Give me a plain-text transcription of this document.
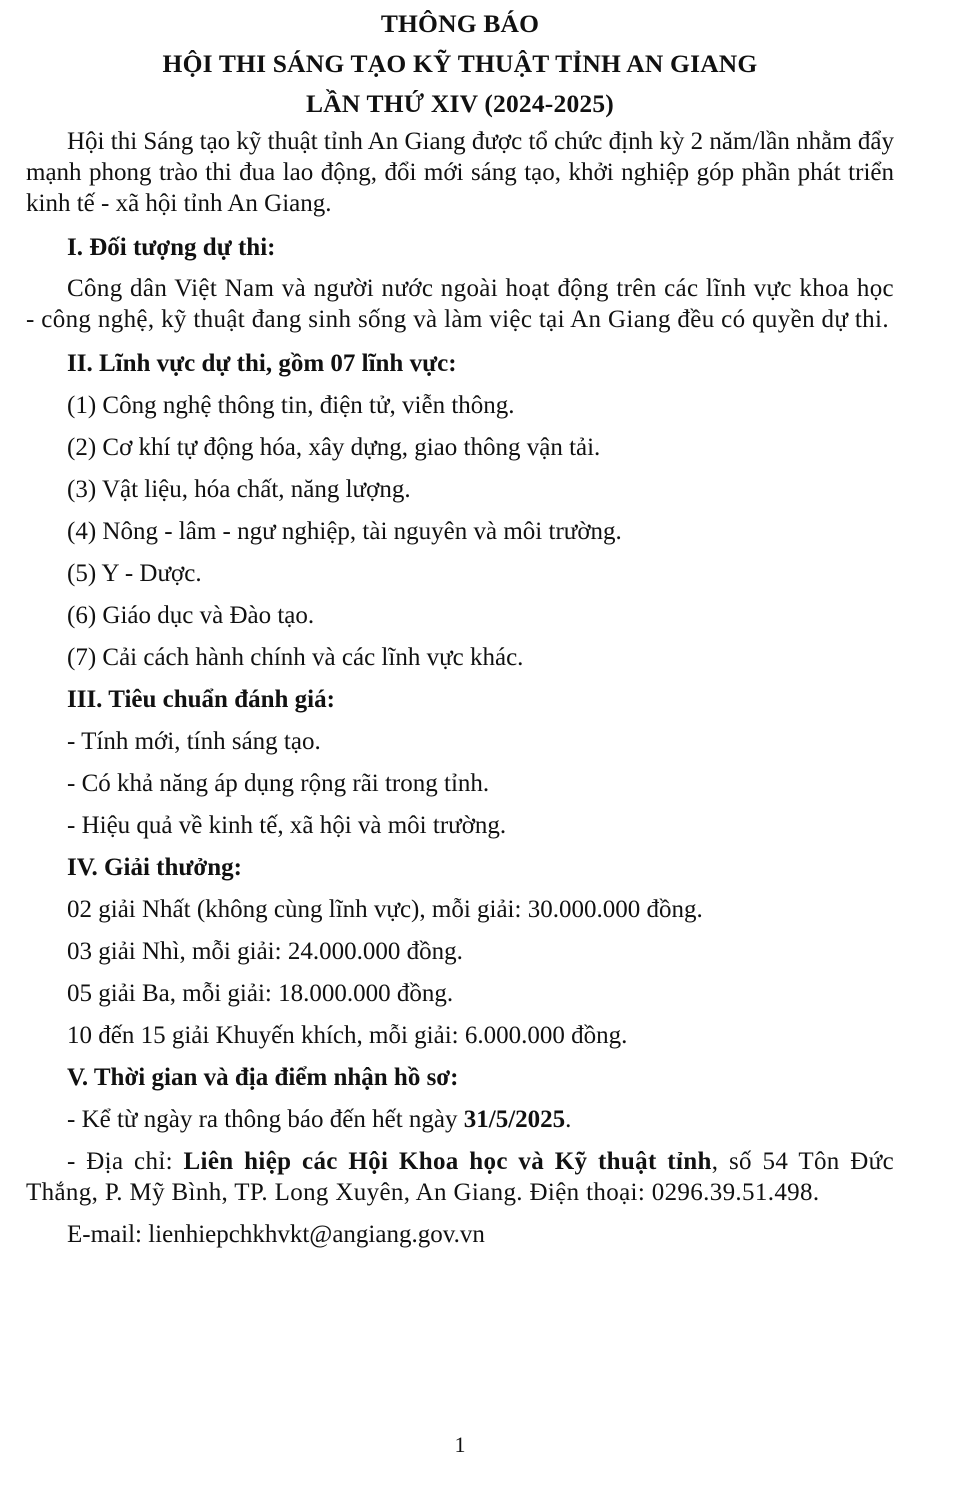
THÔNG BÁO

HỘI THI SÁNG TẠO KỸ THUẬT TỈNH AN GIANG

LẦN THỨ XIV (2024-2025)

Hội thi Sáng tạo kỹ thuật tỉnh An Giang được tổ chức định kỳ 2 năm/lần nhằm đẩy mạnh phong trào thi đua lao động, đổi mới sáng tạo, khởi nghiệp góp phần phát triển kinh tế - xã hội tỉnh An Giang.

I. Đối tượng dự thi:

Công dân Việt Nam và người nước ngoài hoạt động trên các lĩnh vực khoa học - công nghệ, kỹ thuật đang sinh sống và làm việc tại An Giang đều có quyền dự thi.

II. Lĩnh vực dự thi, gồm 07 lĩnh vực:

(1) Công nghệ thông tin, điện tử, viễn thông.

(2) Cơ khí tự động hóa, xây dựng, giao thông vận tải.

(3) Vật liệu, hóa chất, năng lượng.

(4) Nông - lâm - ngư nghiệp, tài nguyên và môi trường.

(5) Y - Dược.

(6) Giáo dục và Đào tạo.

(7) Cải cách hành chính và các lĩnh vực khác.

III. Tiêu chuẩn đánh giá:

- Tính mới, tính sáng tạo.

- Có khả năng áp dụng rộng rãi trong tỉnh.

- Hiệu quả về kinh tế, xã hội và môi trường.

IV. Giải thưởng:

02 giải Nhất (không cùng lĩnh vực), mỗi giải: 30.000.000 đồng.

03 giải Nhì, mỗi giải: 24.000.000 đồng.

05 giải Ba, mỗi giải: 18.000.000 đồng.

10 đến 15 giải Khuyến khích, mỗi giải: 6.000.000 đồng.

V. Thời gian và địa điểm nhận hồ sơ:

- Kể từ ngày ra thông báo đến hết ngày 31/5/2025.

- Địa chỉ: Liên hiệp các Hội Khoa học và Kỹ thuật tỉnh, số 54 Tôn Đức Thắng, P. Mỹ Bình, TP. Long Xuyên, An Giang. Điện thoại: 0296.39.51.498.

E-mail: lienhiepchkhvkt@angiang.gov.vn

1
